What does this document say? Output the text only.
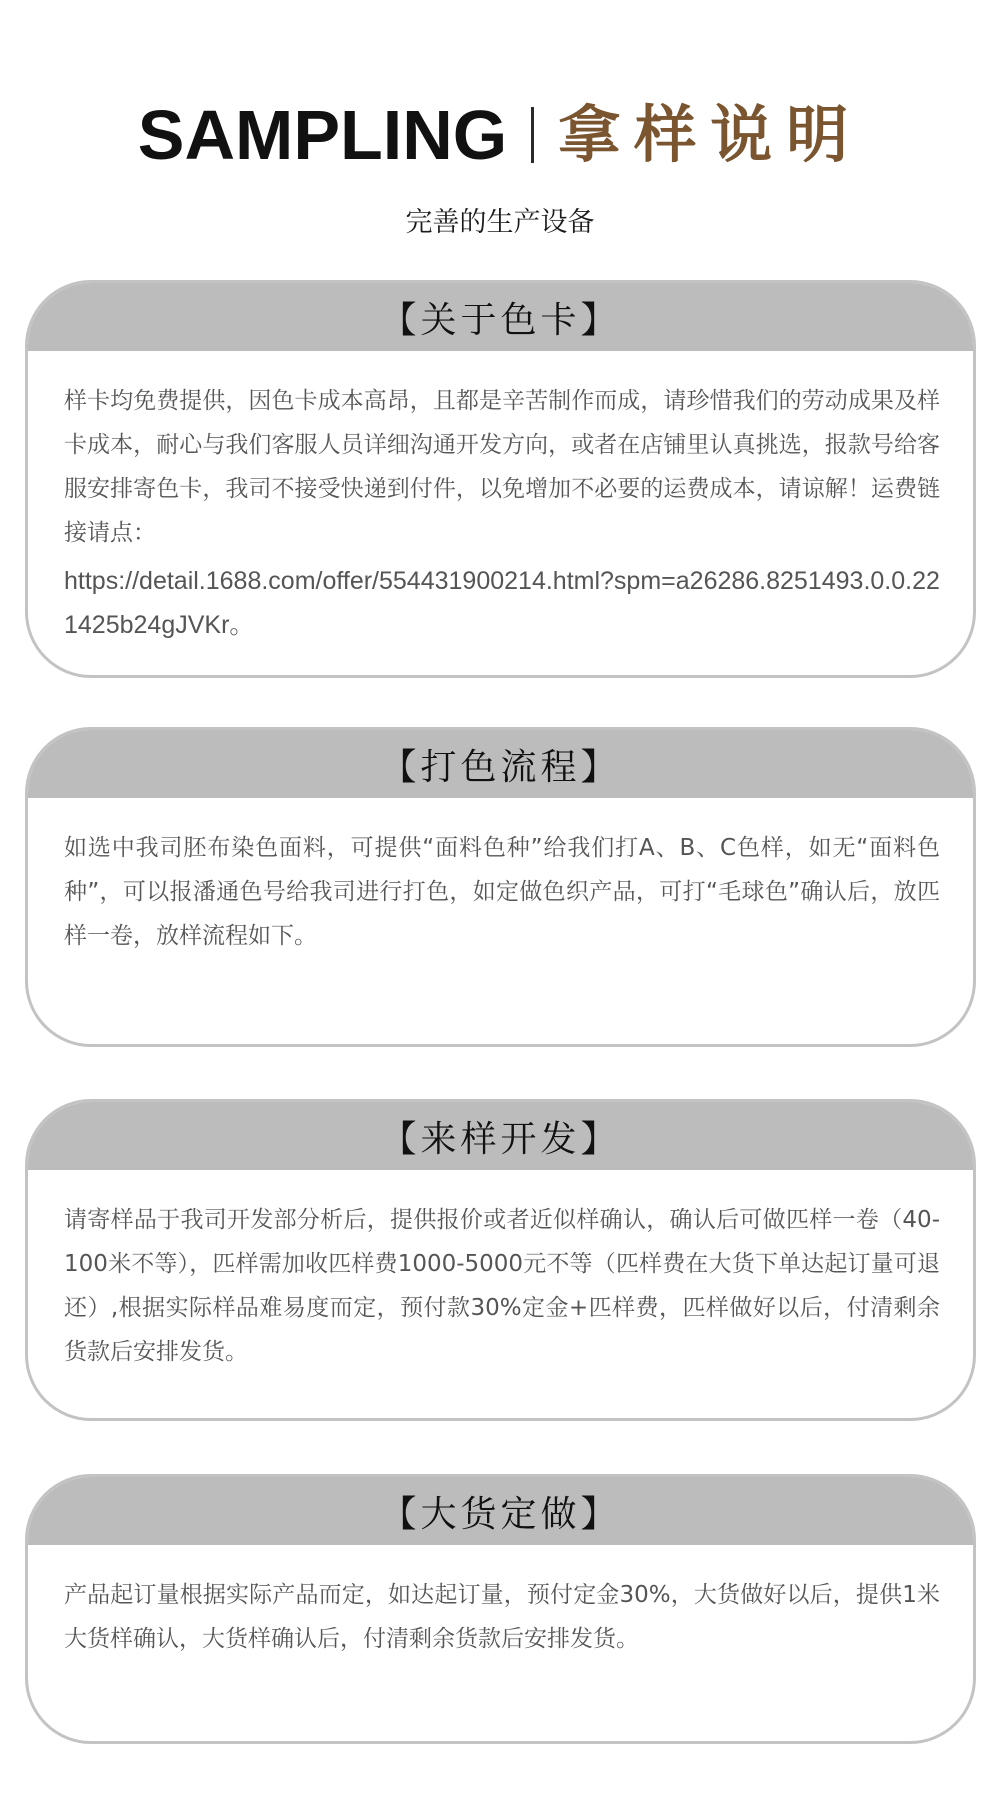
SAMPLING 拿样说明
完善的生产设备
【关于色卡】
样卡均免费提供，因色卡成本高昂，且都是辛苦制作而成，请珍惜我们的劳动成果及样卡成本，耐心与我们客服人员详细沟通开发方向，或者在店铺里认真挑选，报款号给客服安排寄色卡，我司不接受快递到付件，以免增加不必要的运费成本，请谅解！运费链接请点：
https://detail.1688.com/offer/554431900214.html?spm=a26286.8251493.0.0.221425b24gJVKr。
【打色流程】
如选中我司胚布染色面料，可提供“面料色种”给我们打A、B、C色样，如无“面料色种”，可以报潘通色号给我司进行打色，如定做色织产品，可打“毛球色”确认后，放匹样一卷，放样流程如下。
【来样开发】
请寄样品于我司开发部分析后，提供报价或者近似样确认，确认后可做匹样一卷（40-100米不等），匹样需加收匹样费1000-5000元不等（匹样费在大货下单达起订量可退还）,根据实际样品难易度而定，预付款30%定金+匹样费，匹样做好以后，付清剩余货款后安排发货。
【大货定做】
产品起订量根据实际产品而定，如达起订量，预付定金30%，大货做好以后，提供1米大货样确认，大货样确认后，付清剩余货款后安排发货。
